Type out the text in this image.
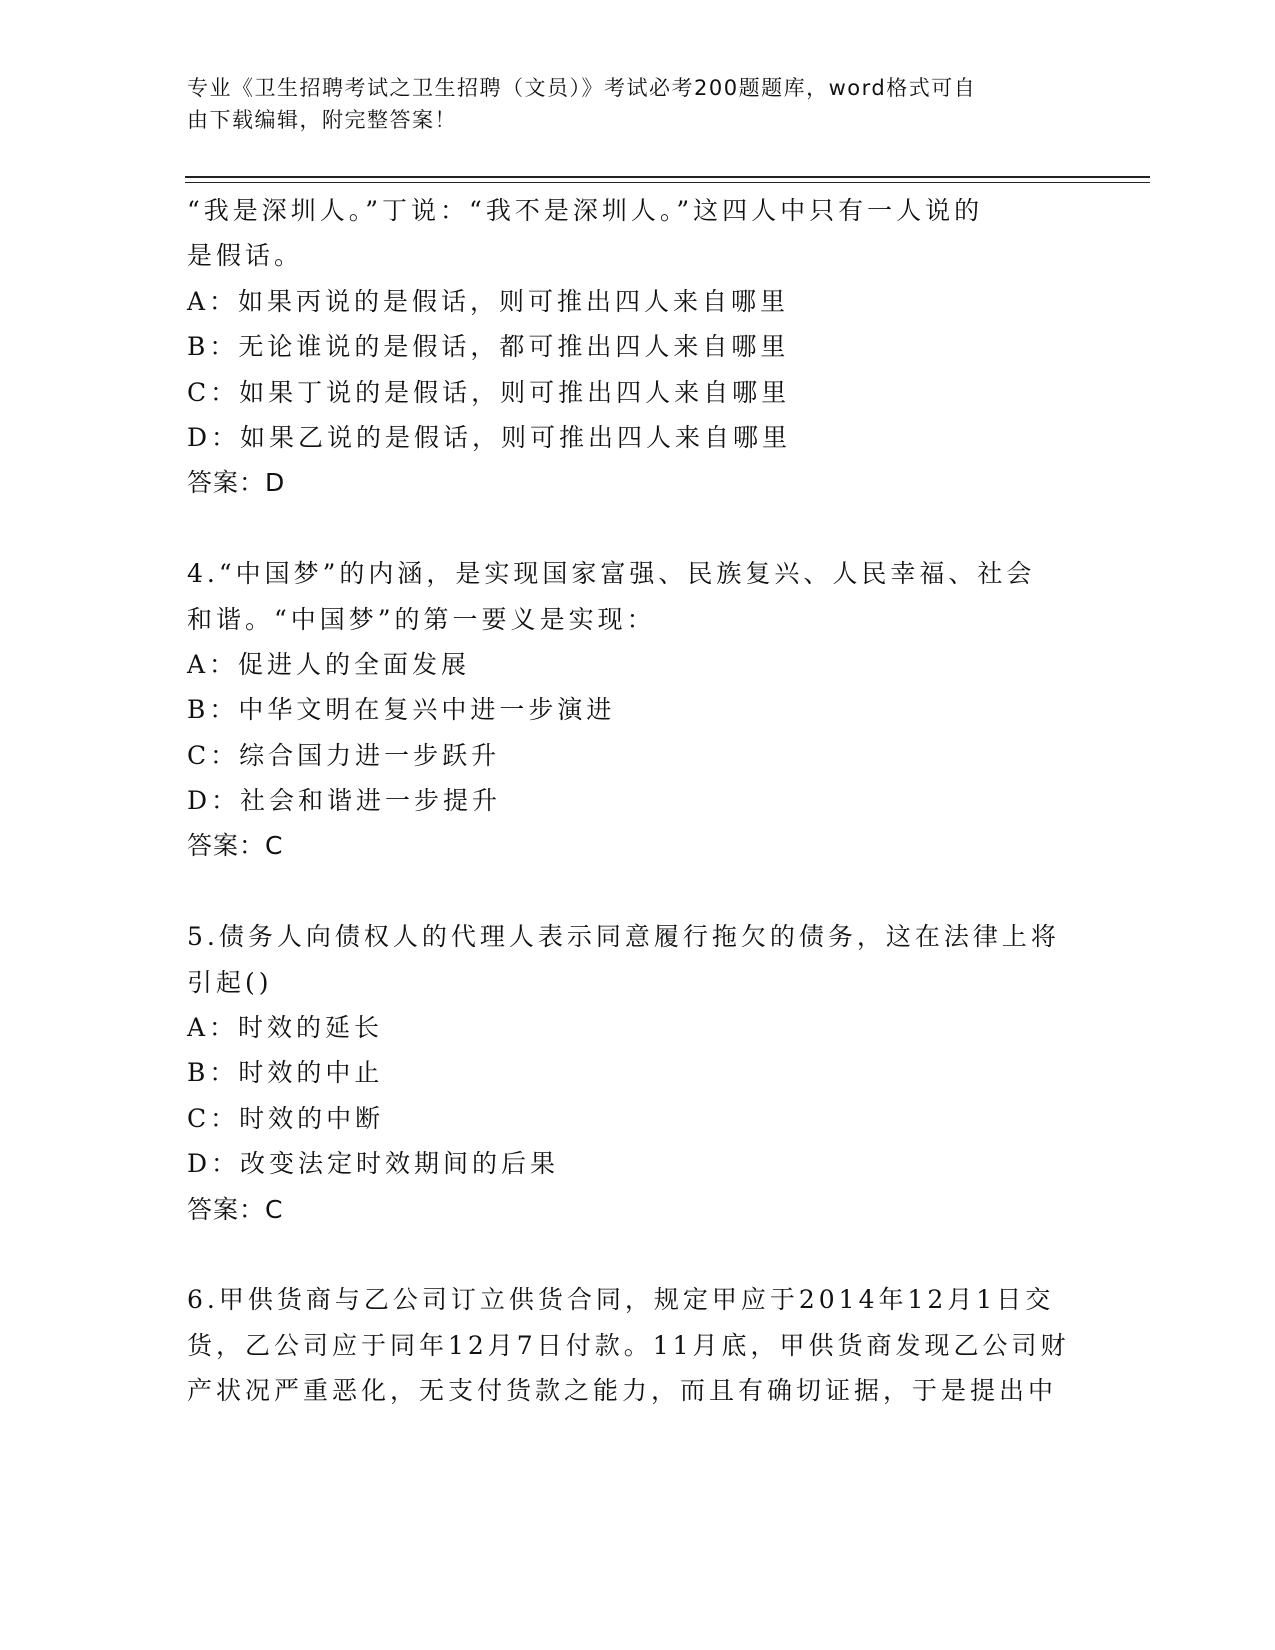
专业《卫生招聘考试之卫生招聘（文员）》考试必考200题题库，word格式可自
由下载编辑，附完整答案！
“我是深圳人。”丁说：“我不是深圳人。”这四人中只有一人说的
是假话。
A：如果丙说的是假话，则可推出四人来自哪里
B：无论谁说的是假话，都可推出四人来自哪里
C：如果丁说的是假话，则可推出四人来自哪里
D：如果乙说的是假话，则可推出四人来自哪里
答案：D
4.“中国梦”的内涵，是实现国家富强、民族复兴、人民幸福、社会
和谐。“中国梦”的第一要义是实现：
A：促进人的全面发展
B：中华文明在复兴中进一步演进
C：综合国力进一步跃升
D：社会和谐进一步提升
答案：C
5.债务人向债权人的代理人表示同意履行拖欠的债务，这在法律上将
引起()
A：时效的延长
B：时效的中止
C：时效的中断
D：改变法定时效期间的后果
答案：C
6.甲供货商与乙公司订立供货合同，规定甲应于2014年12月1日交
货，乙公司应于同年12月7日付款。11月底，甲供货商发现乙公司财
产状况严重恶化，无支付货款之能力，而且有确切证据，于是提出中
